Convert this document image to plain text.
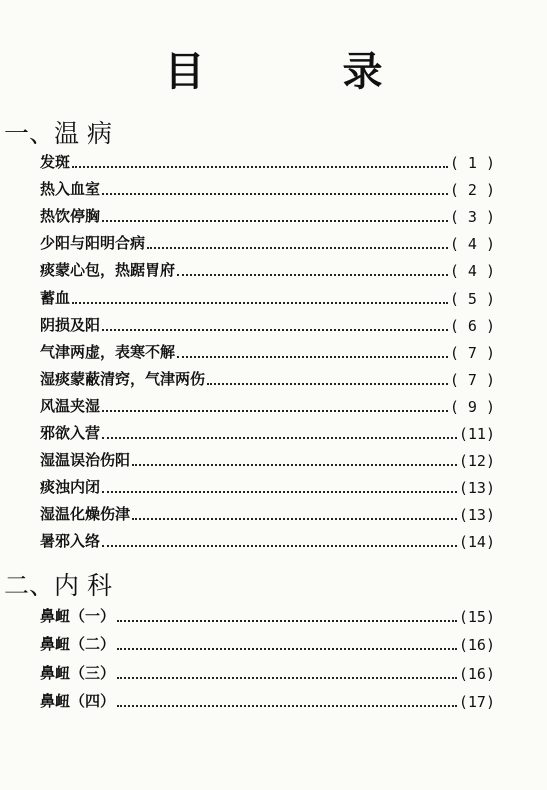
目 录
一、温 病
发斑	( 1 )
热入血室	( 2 )
热饮停胸	( 3 )
少阳与阳明合病	( 4 )
痰蒙心包，热踞胃府	( 4 )
蓄血	( 5 )
阴损及阳	( 6 )
气津两虚，表寒不解	( 7 )
湿痰蒙蔽清窍，气津两伤	( 7 )
风温夹湿	( 9 )
邪欲入营	(11)
湿温误治伤阳	(12)
痰浊内闭	(13)
湿温化燥伤津	(13)
暑邪入络	(14)
二、内 科
鼻衄（一）	(15)
鼻衄（二）	(16)
鼻衄（三）	(16)
鼻衄（四）	(17)
